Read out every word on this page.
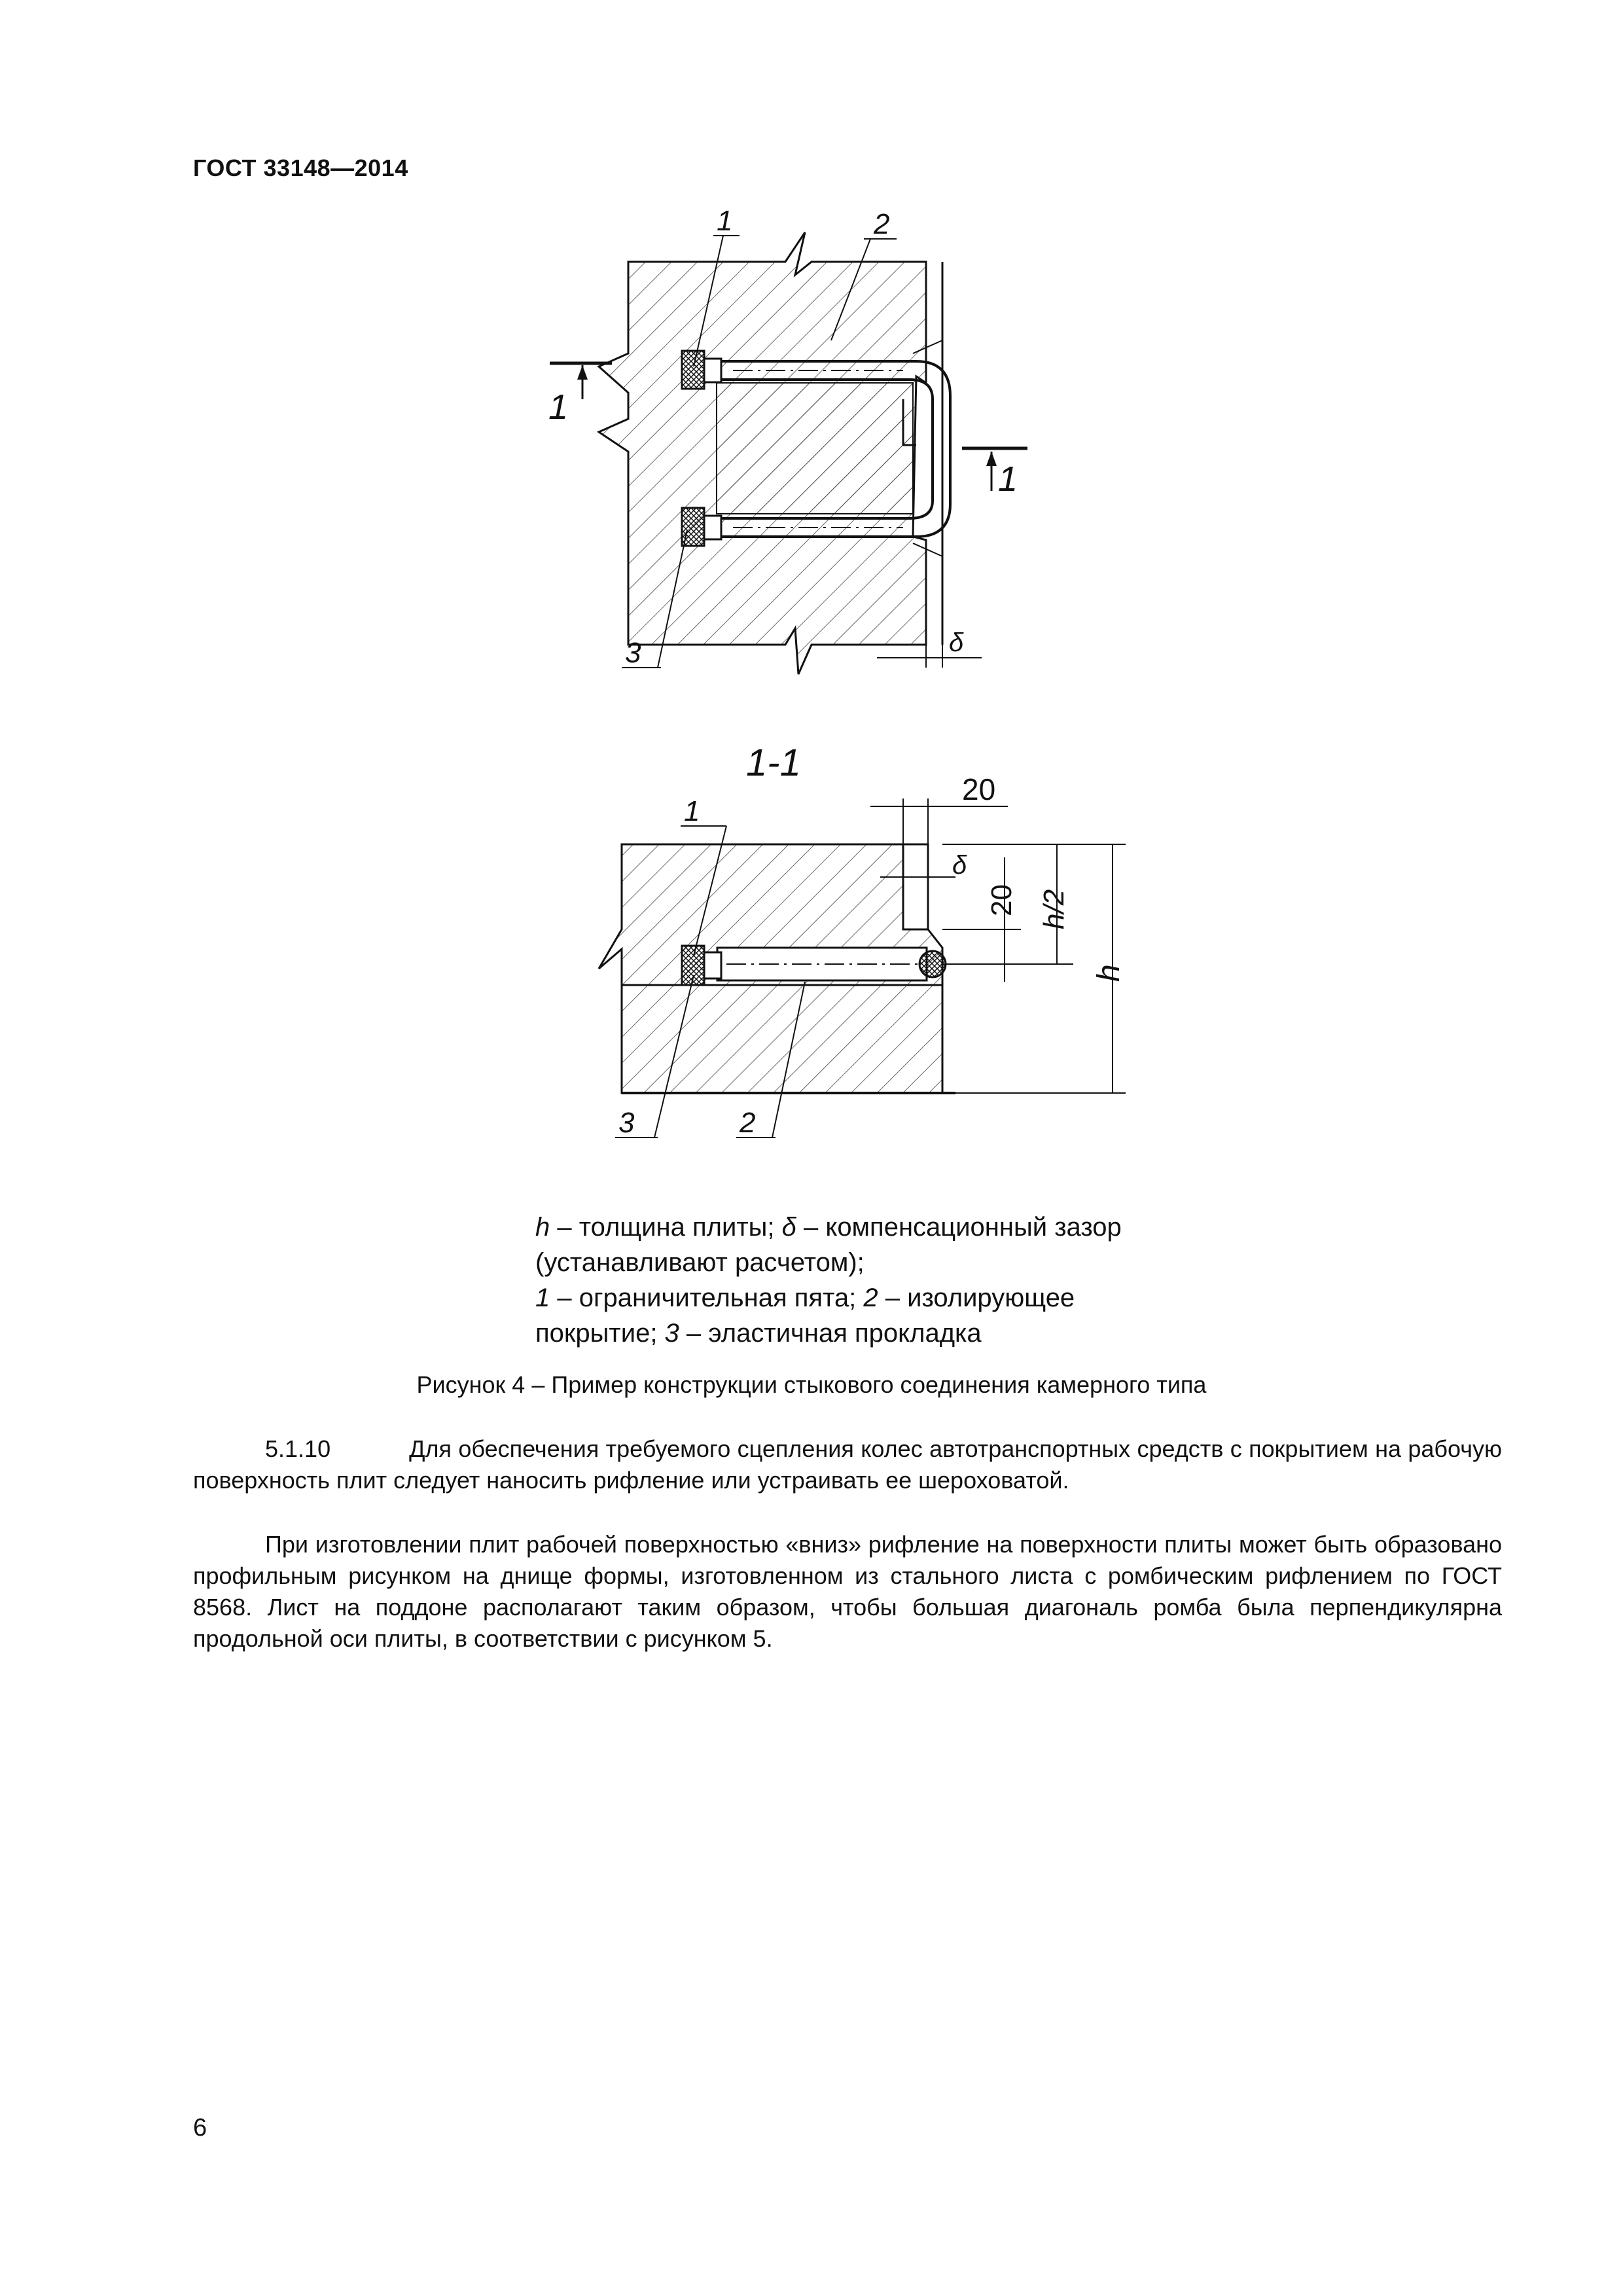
ГОСТ 33148—2014
1
1
1	2
3	δ
1-1
20
δ
20 h/2
h
1
3	2
h – толщина плиты; δ – компенсационный зазор (устанавливают расчетом);
1 – ограничительная пята; 2 – изолирующее покрытие; 3 – эластичная прокладка
Рисунок 4 – Пример конструкции стыкового соединения камерного типа
5.1.10	Для обеспечения требуемого сцепления колес автотранспортных средств с покрытием на рабочую поверхность плит следует наносить рифление или устраивать ее шероховатой.
При изготовлении плит рабочей поверхностью «вниз» рифление на поверхности плиты может быть образовано профильным рисунком на днище формы, изготовленном из стального листа с ромбическим рифлением по ГОСТ 8568. Лист на поддоне располагают таким образом, чтобы большая диагональ ромба была перпендикулярна продольной оси плиты, в соответствии с рисунком 5.
6
